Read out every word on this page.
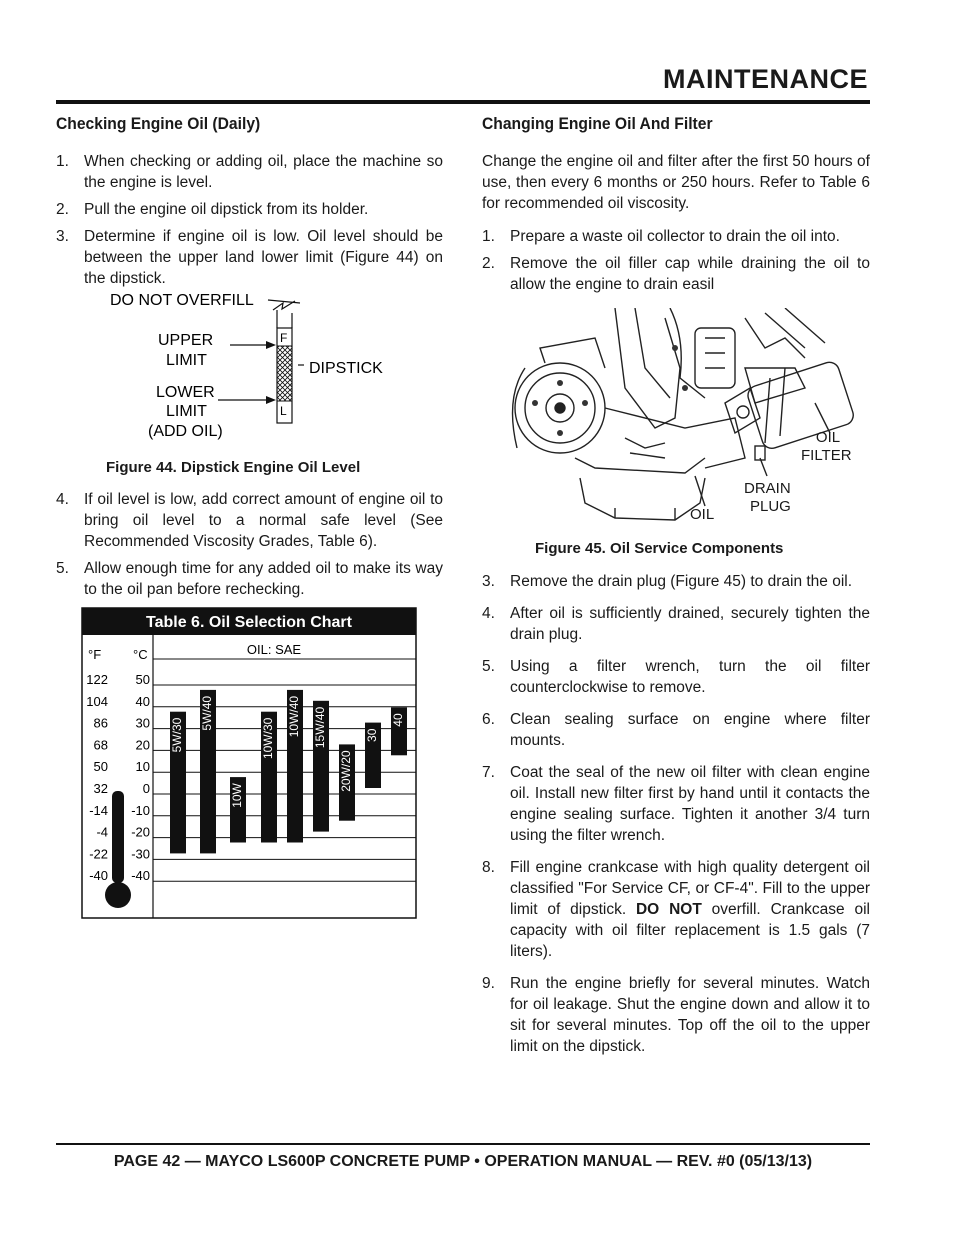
MAINTENANCE
Checking Engine Oil (Daily)
1. When checking or adding oil, place the machine so the engine is level.
2. Pull the engine oil dipstick from its holder.
3. Determine if engine oil is low. Oil level should be between the upper land lower limit (Figure 44) on the dipstick.
DO NOT OVERFILL
F
L
UPPER
LIMIT	DIPSTICK
LOWER
LIMIT
(ADD OIL)
Figure 44. Dipstick Engine Oil Level
4. If oil level is low, add correct amount of engine oil to bring oil level to a normal safe level (See Recommended Viscosity Grades, Table 6).
5. Allow enough time for any added oil to make its way to the oil pan before rechecking.
Table 6. Oil Selection Chart
°F °C	OIL: SAE
122 50
104 40
86 30
68 20
50 10
32	0
-14 -10
-4 -20
-22 -30
-40 -40
5W/30
5W/40
10W
10W/30
10W/40 15W/40
20W/20
30
40
Changing Engine Oil And Filter

Change the engine oil and filter after the first 50 hours of use, then every 6 months or 250 hours. Refer to Table 6 for recommended oil viscosity.

1. Prepare a waste oil collector to drain the oil into.
2. Remove the oil filler cap while draining the oil to allow the engine to drain easil
OIL
FILTER
DRAIN
PLUG
OIL
Figure 45. Oil Service Components
3. Remove the drain plug (Figure 45) to drain the oil.
4. After oil is sufficiently drained, securely tighten the drain plug.
5. Using a filter wrench, turn the oil filter counterclockwise to remove.
6. Clean sealing surface on engine where filter mounts.
7. Coat the seal of the new oil filter with clean engine oil. Install new filter first by hand until it contacts the engine sealing surface. Tighten it another 3/4 turn using the filter wrench.
8. Fill engine crankcase with high quality detergent oil classified "For Service CF, or CF-4". Fill to the upper limit of dipstick. DO NOT overfill. Crankcase oil capacity with oil filter replacement is 1.5 gals (7 liters).
9. Run the engine briefly for several minutes. Watch for oil leakage. Shut the engine down and allow it to sit for several minutes. Top off the oil to the upper limit on the dipstick.
PAGE 42 — MAYCO LS600P CONCRETE PUMP • OPERATION MANUAL — REV. #0 (05/13/13)
